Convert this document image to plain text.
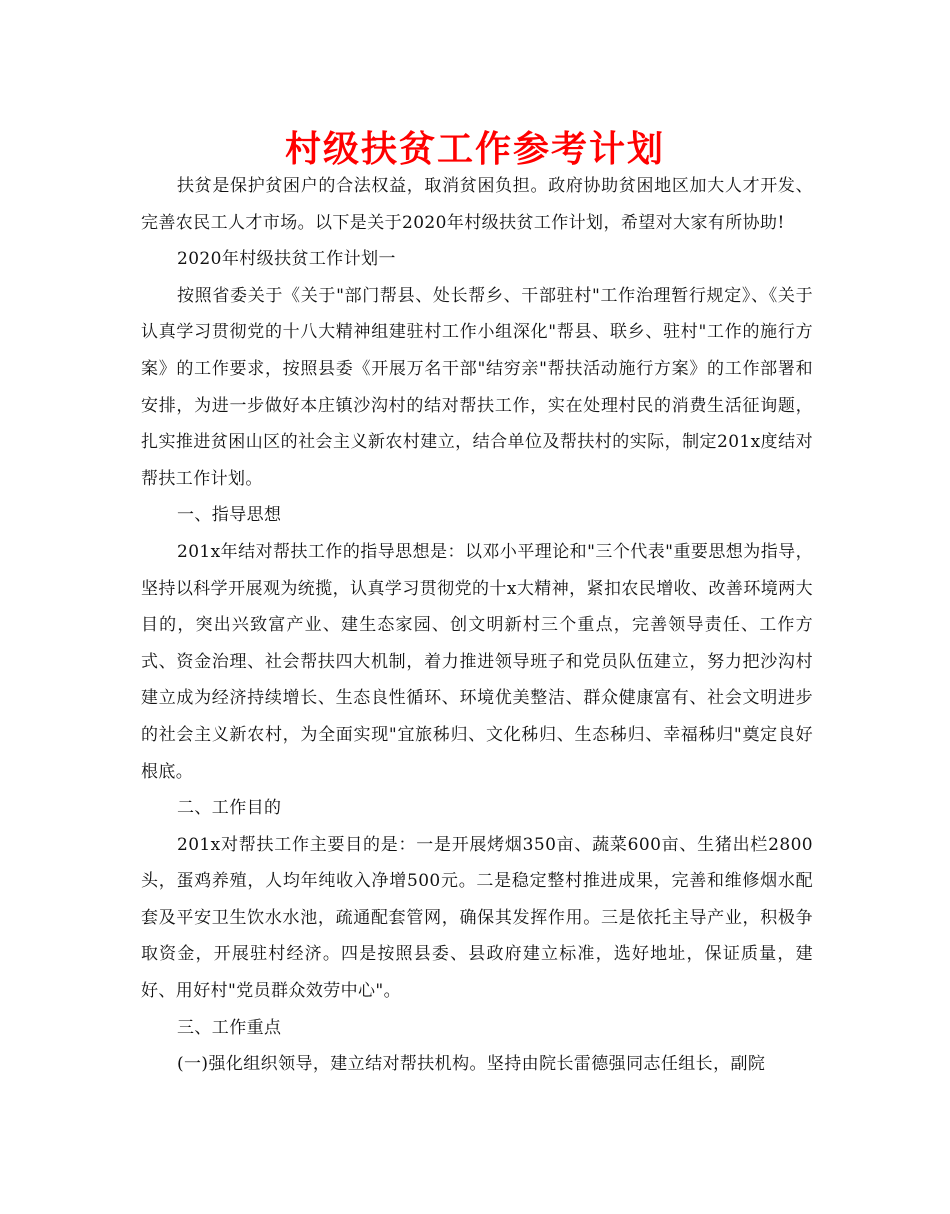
村级扶贫工作参考计划

扶贫是保护贫困户的合法权益，取消贫困负担。政府协助贫困地区加大人才开发、完善农民工人才市场。以下是关于2020年村级扶贫工作计划，希望对大家有所协助!

2020年村级扶贫工作计划一

按照省委关于《关于"部门帮县、处长帮乡、干部驻村"工作治理暂行规定》、《关于认真学习贯彻党的十八大精神组建驻村工作小组深化"帮县、联乡、驻村"工作的施行方案》的工作要求，按照县委《开展万名干部"结穷亲"帮扶活动施行方案》的工作部署和安排，为进一步做好本庄镇沙沟村的结对帮扶工作，实在处理村民的消费生活征询题，扎实推进贫困山区的社会主义新农村建立，结合单位及帮扶村的实际，制定201x度结对帮扶工作计划。

一、指导思想

201x年结对帮扶工作的指导思想是：以邓小平理论和"三个代表"重要思想为指导，坚持以科学开展观为统揽，认真学习贯彻党的十x大精神，紧扣农民增收、改善环境两大目的，突出兴致富产业、建生态家园、创文明新村三个重点，完善领导责任、工作方式、资金治理、社会帮扶四大机制，着力推进领导班子和党员队伍建立，努力把沙沟村建立成为经济持续增长、生态良性循环、环境优美整洁、群众健康富有、社会文明进步的社会主义新农村，为全面实现"宜旅秭归、文化秭归、生态秭归、幸福秭归"奠定良好根底。

二、工作目的

201x对帮扶工作主要目的是：一是开展烤烟350亩、蔬菜600亩、生猪出栏2800头，蛋鸡养殖，人均年纯收入净增500元。二是稳定整村推进成果，完善和维修烟水配套及平安卫生饮水水池，疏通配套管网，确保其发挥作用。三是依托主导产业，积极争取资金，开展驻村经济。四是按照县委、县政府建立标准，选好地址，保证质量，建好、用好村"党员群众效劳中心"。

三、工作重点

(一)强化组织领导，建立结对帮扶机构。坚持由院长雷德强同志任组长，副院
